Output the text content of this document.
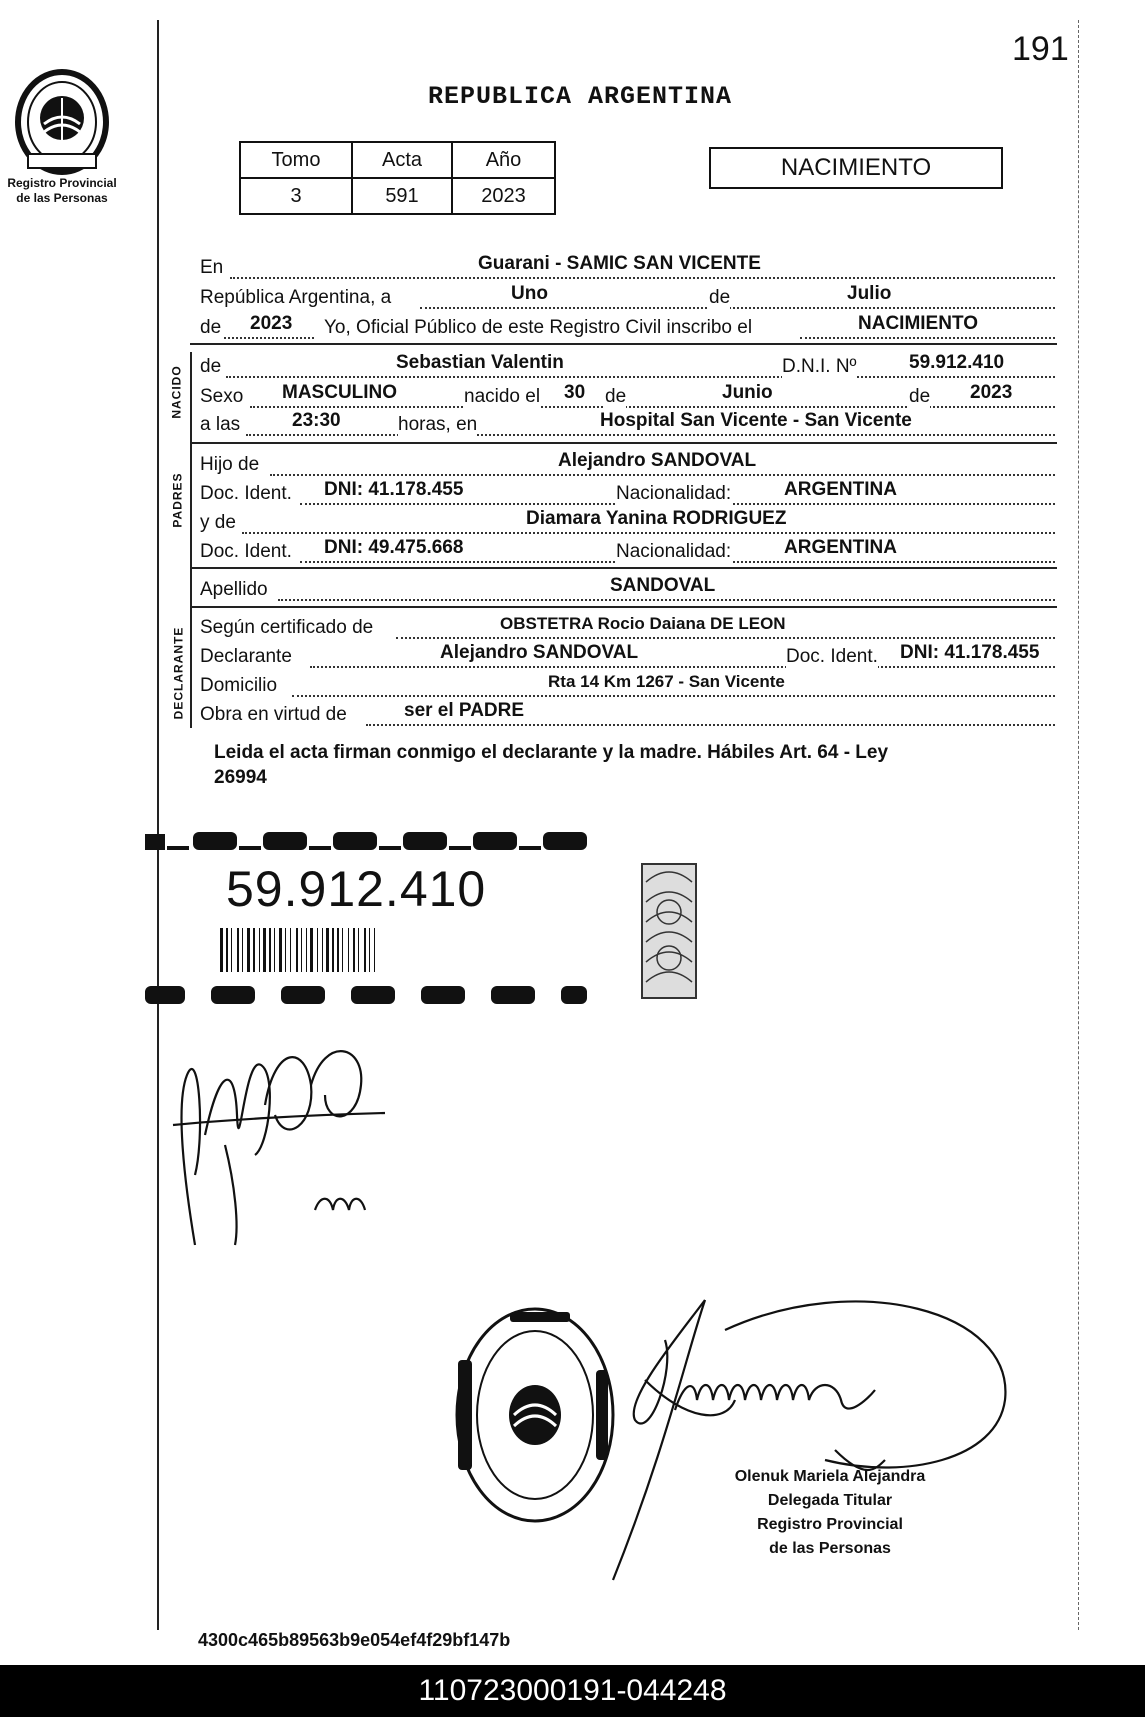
191
REPUBLICA ARGENTINA
Registro Provincial
de las Personas
Tomo	Acta	Año
3	591	2023
NACIMIENTO
En	Guarani - SAMIC SAN VICENTE
República Argentina, a	Uno	de	Julio
de 2023 Yo, Oficial Público de este Registro Civil inscribo el	NACIMIENTO
NACIDO de	Sebastian Valentin	D.N.I. Nº	59.912.410
Sexo MASCULINO	nacido el 30 de	Junio	de 2023
a las	23:30	horas, en	Hospital San Vicente - San Vicente
PADRES
Hijo de	Alejandro SANDOVAL
Doc. Ident. DNI: 41.178.455	Nacionalidad:	ARGENTINA
y de	Diamara Yanina RODRIGUEZ
Doc. Ident. DNI: 49.475.668	Nacionalidad:	ARGENTINA
Apellido	SANDOVAL
DECLARANTE Según certificado de	OBSTETRA Rocio Daiana DE LEON
Declarante	Alejandro SANDOVAL	Doc. Ident. DNI: 41.178.455
Domicilio	Rta 14 Km 1267 - San Vicente
Obra en virtud de	ser el PADRE
Leida el acta firman conmigo el declarante y la madre. Hábiles Art. 64 - Ley
26994
59.912.410
Olenuk Mariela Alejandra
Delegada Titular
Registro Provincial
de las Personas
4300c465b89563b9e054ef4f29bf147b
110723000191-044248
